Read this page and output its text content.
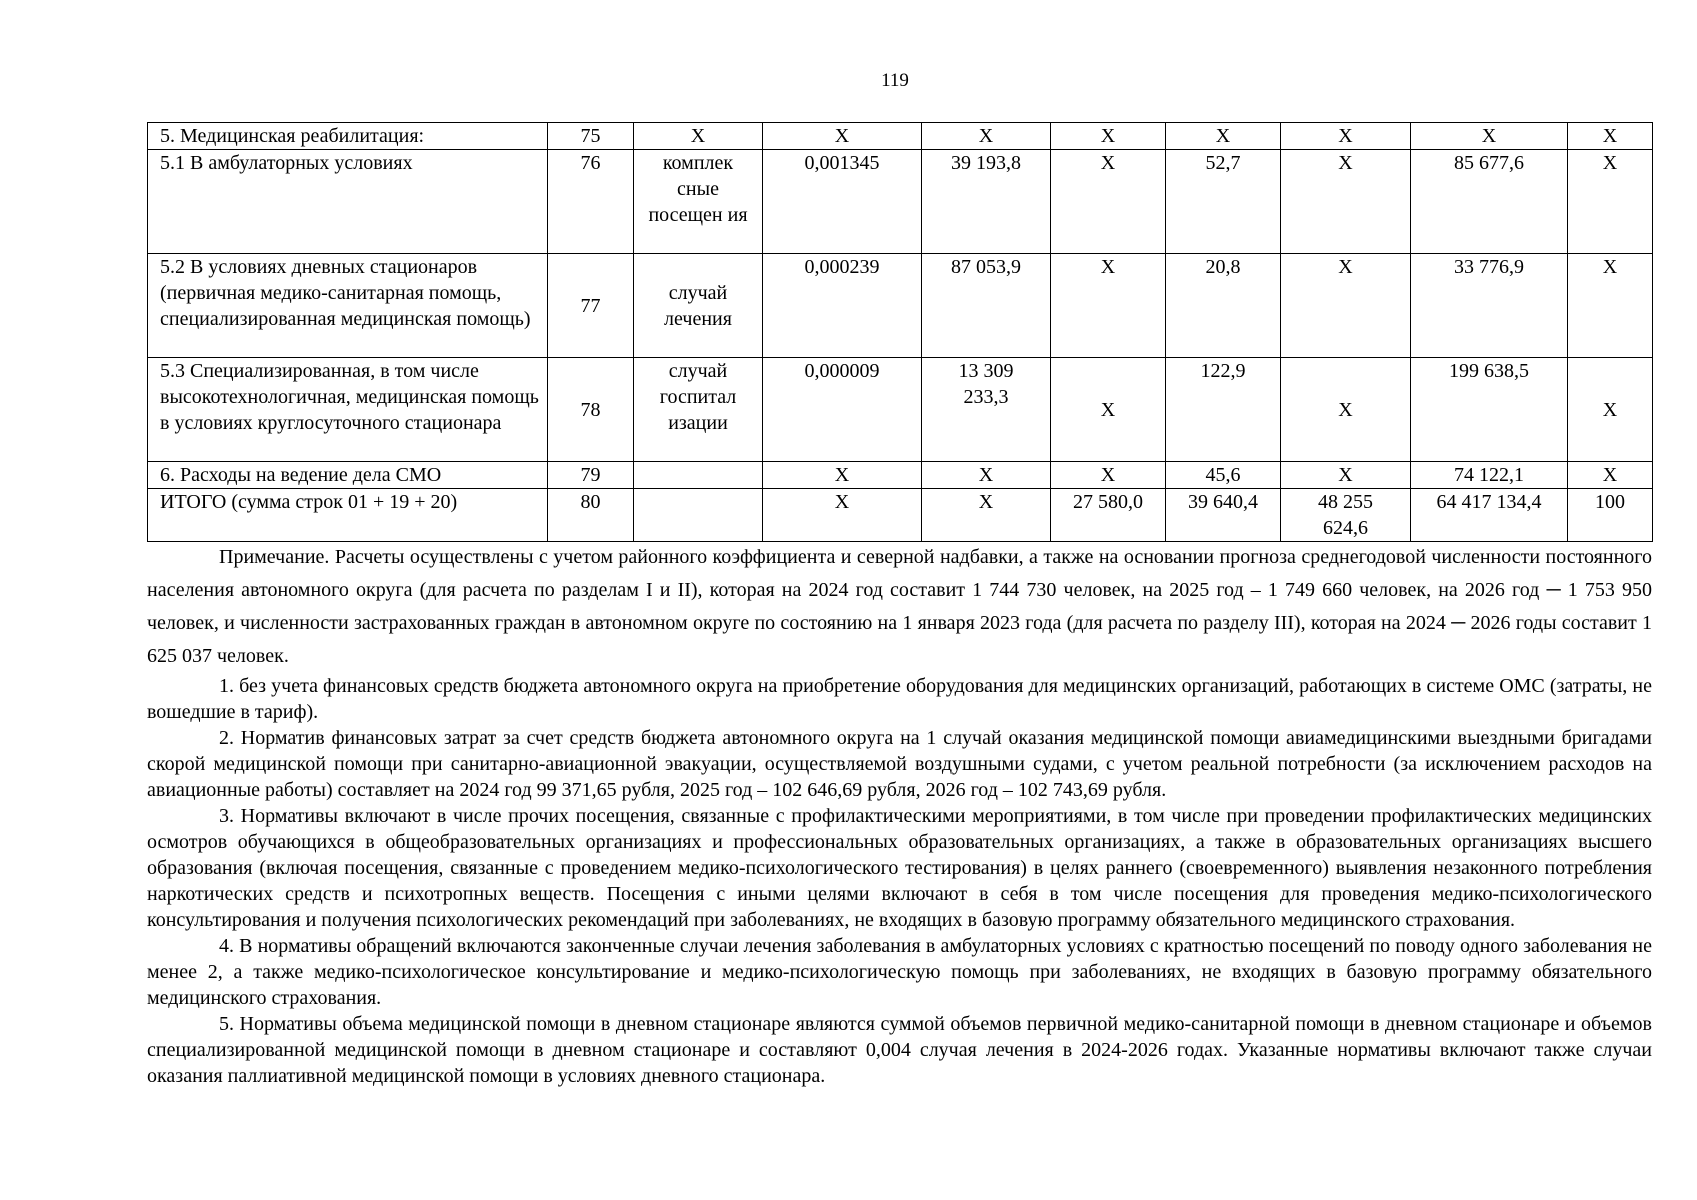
119
5. Медицинская реабилитация:	75	Х	Х	Х	Х	Х	Х	Х	Х
5.1 В амбулаторных условиях	76	комплек сные посещен ия	0,001345	39 193,8	Х	52,7	Х	85 677,6	Х
5.2 В условиях дневных стационаров (первичная медико-санитарная помощь, специализированная медицинская помощь)	77	случай лечения	0,000239	87 053,9	Х	20,8	Х	33 776,9	Х
5.3 Специализированная, в том числе высокотехнологичная, медицинская помощь в условиях круглосуточного стационара	78	случай госпитал изации	0,000009	13 309 233,3	Х	122,9	Х	199 638,5	Х
6. Расходы на ведение дела СМО	79		Х	Х	Х	45,6	Х	74 122,1	Х
ИТОГО (сумма строк 01 + 19 + 20)	80		Х	Х	27 580,0	39 640,4	48 255 624,6	64 417 134,4	100

Примечание. Расчеты осуществлены с учетом районного коэффициента и северной надбавки, а также на основании прогноза среднегодовой численности постоянного населения автономного округа (для расчета по разделам I и II), которая на 2024 год составит 1 744 730 человек, на 2025 год – 1 749 660 человек, на 2026 год ─ 1 753 950 человек, и численности застрахованных граждан в автономном округе по состоянию на 1 января 2023 года (для расчета по разделу III), которая на 2024 ─ 2026 годы составит 1 625 037 человек.

1. без учета финансовых средств бюджета автономного округа на приобретение оборудования для медицинских организаций, работающих в системе ОМС (затраты, не вошедшие в тариф).

2. Норматив финансовых затрат за счет средств бюджета автономного округа на 1 случай оказания медицинской помощи авиамедицинскими выездными бригадами скорой медицинской помощи при санитарно-авиационной эвакуации, осуществляемой воздушными судами, с учетом реальной потребности (за исключением расходов на авиационные работы) составляет на 2024 год 99 371,65 рубля, 2025 год – 102 646,69 рубля, 2026 год – 102 743,69 рубля.

3. Нормативы включают в числе прочих посещения, связанные с профилактическими мероприятиями, в том числе при проведении профилактических медицинских осмотров обучающихся в общеобразовательных организациях и профессиональных образовательных организациях, а также в образовательных организациях высшего образования (включая посещения, связанные с проведением медико-психологического тестирования) в целях раннего (своевременного) выявления незаконного потребления наркотических средств и психотропных веществ. Посещения с иными целями включают в себя в том числе посещения для проведения медико-психологического консультирования и получения психологических рекомендаций при заболеваниях, не входящих в базовую программу обязательного медицинского страхования.

4. В нормативы обращений включаются законченные случаи лечения заболевания в амбулаторных условиях с кратностью посещений по поводу одного заболевания не менее 2, а также медико-психологическое консультирование и медико-психологическую помощь при заболеваниях, не входящих в базовую программу обязательного медицинского страхования.

5. Нормативы объема медицинской помощи в дневном стационаре являются суммой объемов первичной медико-санитарной помощи в дневном стационаре и объемов специализированной медицинской помощи в дневном стационаре и составляют 0,004 случая лечения в 2024-2026 годах. Указанные нормативы включают также случаи оказания паллиативной медицинской помощи в условиях дневного стационара.
